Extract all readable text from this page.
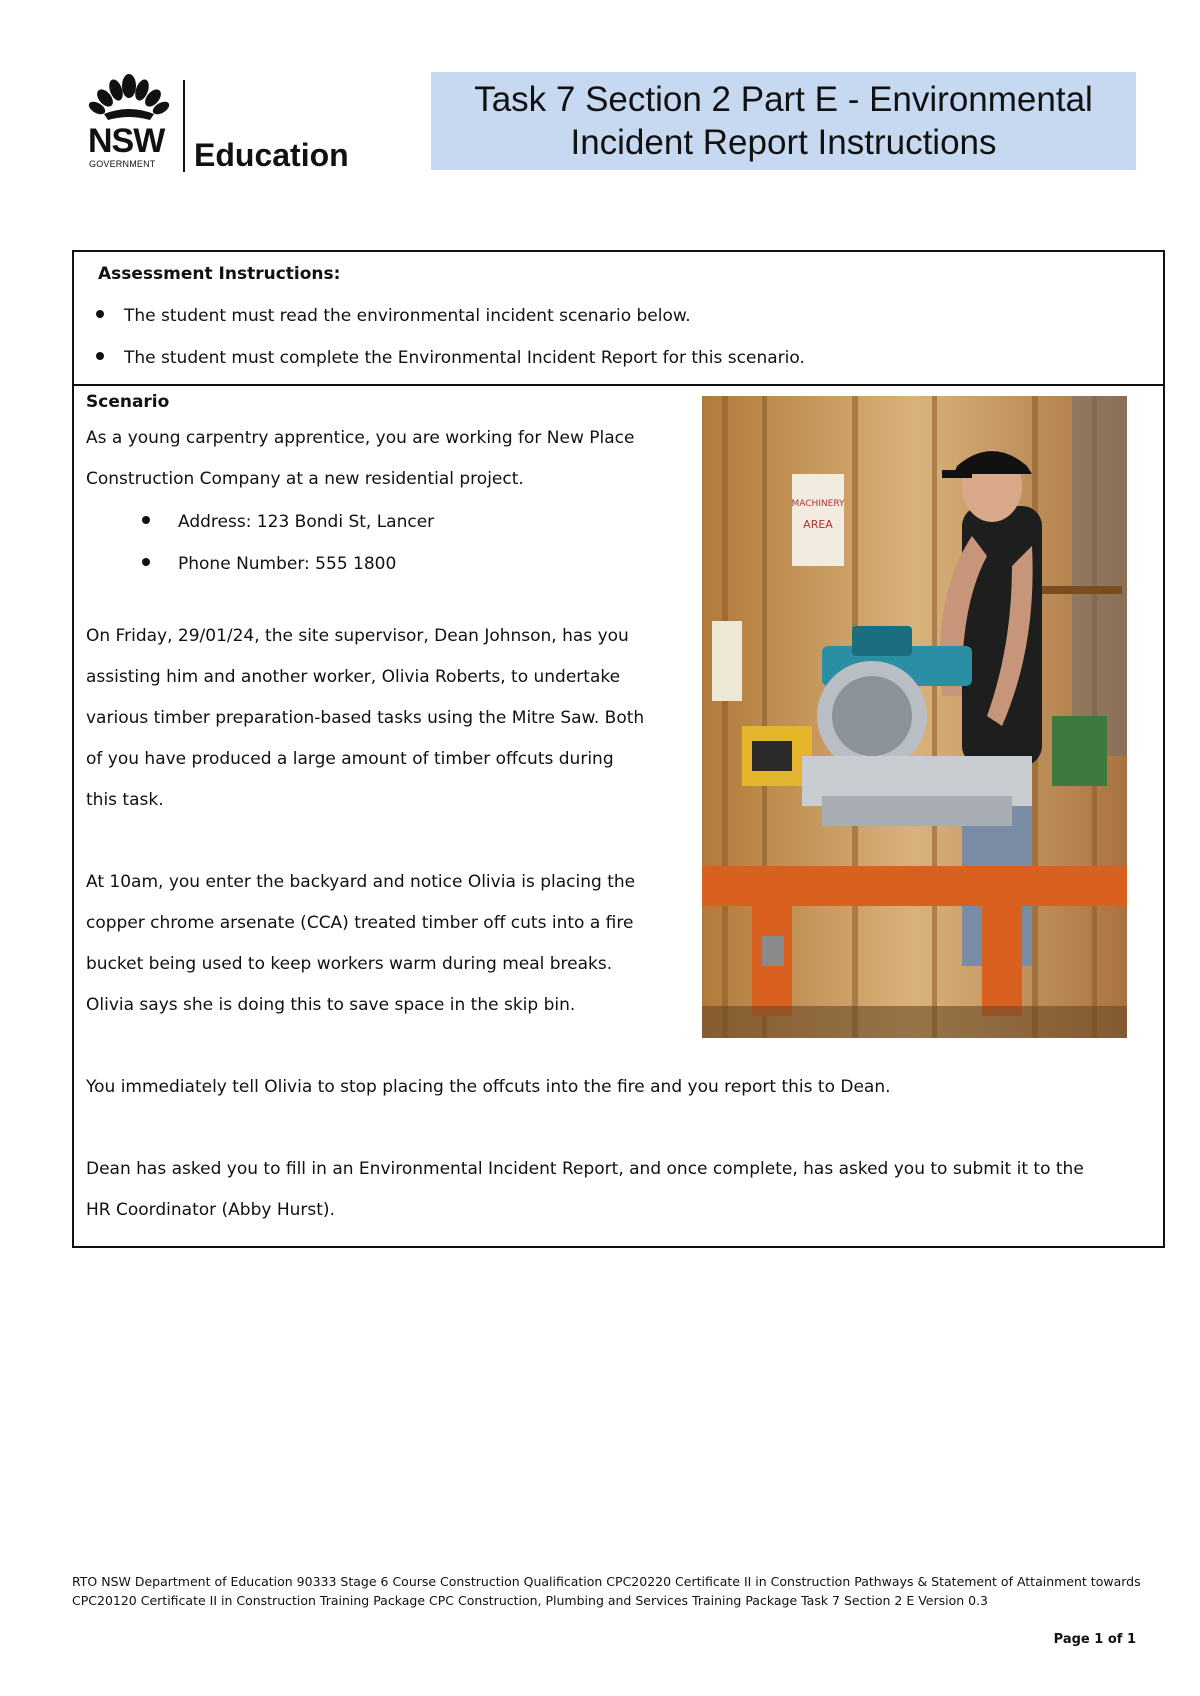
NSW
GOVERNMENT Education
Task 7 Section 2 Part E - Environmental
Incident Report Instructions
Assessment Instructions:
The student must read the environmental incident scenario below.
The student must complete the Environmental Incident Report for this scenario.
Scenario
As a young carpentry apprentice, you are working for New Place
Construction Company at a new residential project.
Address: 123 Bondi St, Lancer
Phone Number: 555 1800
On Friday, 29/01/24, the site supervisor, Dean Johnson, has you
assisting him and another worker, Olivia Roberts, to undertake
various timber preparation-based tasks using the Mitre Saw. Both
of you have produced a large amount of timber offcuts during
this task.
At 10am, you enter the backyard and notice Olivia is placing the
copper chrome arsenate (CCA) treated timber off cuts into a fire
bucket being used to keep workers warm during meal breaks.
Olivia says she is doing this to save space in the skip bin.
You immediately tell Olivia to stop placing the offcuts into the fire and you report this to Dean.
Dean has asked you to fill in an Environmental Incident Report, and once complete, has asked you to submit it to the
HR Coordinator (Abby Hurst).
MACHINERY
AREA
RTO NSW Department of Education 90333 Stage 6 Course Construction Qualification CPC20220 Certificate II in Construction Pathways & Statement of Attainment towards CPC20120 Certificate II in Construction Training Package CPC Construction, Plumbing and Services Training Package Task 7 Section 2 E Version 0.3
Page 1 of 1
